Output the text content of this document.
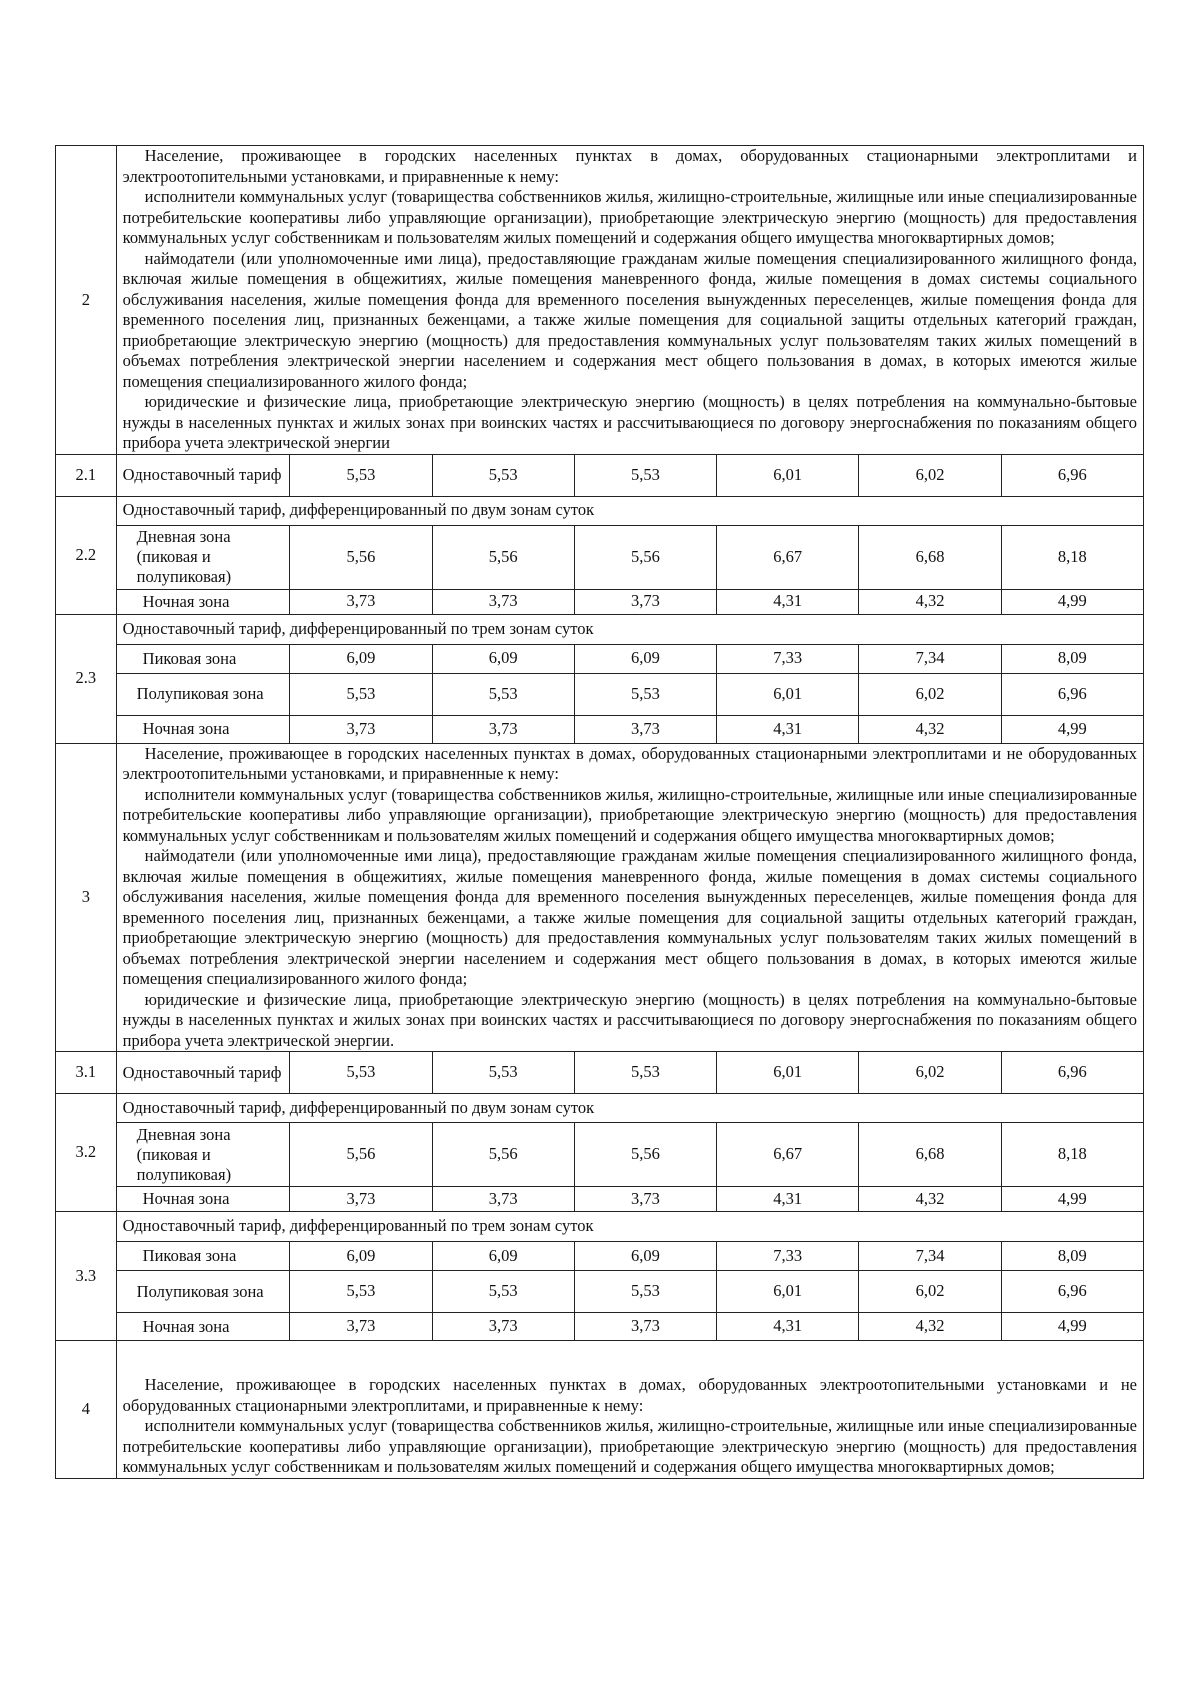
2	Население, проживающее в городских населенных пунктах в домах, оборудованных стационарными электроплитами и электроотопительными установками, и приравненные к нему:

исполнители коммунальных услуг (товарищества собственников жилья, жилищно-строительные, жилищные или иные специализированные потребительские кооперативы либо управляющие организации), приобретающие электрическую энергию (мощность) для предоставления коммунальных услуг собственникам и пользователям жилых помещений и содержания общего имущества многоквартирных домов;

наймодатели (или уполномоченные ими лица), предоставляющие гражданам жилые помещения специализированного жилищного фонда, включая жилые помещения в общежитиях, жилые помещения маневренного фонда, жилые помещения в домах системы социального обслуживания населения, жилые помещения фонда для временного поселения вынужденных переселенцев, жилые помещения фонда для временного поселения лиц, признанных беженцами, а также жилые помещения для социальной защиты отдельных категорий граждан, приобретающие электрическую энергию (мощность) для предоставления коммунальных услуг пользователям таких жилых помещений в объемах потребления электрической энергии населением и содержания мест общего пользования в домах, в которых имеются жилые помещения специализированного жилого фонда;

юридические и физические лица, приобретающие электрическую энергию (мощность) в целях потребления на коммунально-бытовые нужды в населенных пунктах и жилых зонах при воинских частях и рассчитывающиеся по договору энергоснабжения по показаниям общего прибора учета электрической энергии						

2.1	Одноставочный тариф	5,53	5,53	5,53	6,01	6,02	6,96
2.2	Одноставочный тариф, дифференцированный по двум зонам суток						
	Дневная зона (пиковая и полупиковая)	5,56	5,56	5,56	6,67	6,68	8,18
	Ночная зона	3,73	3,73	3,73	4,31	4,32	4,99
2.3	Одноставочный тариф, дифференцированный по трем зонам суток						
	Пиковая зона	6,09	6,09	6,09	7,33	7,34	8,09
	Полупиковая зона	5,53	5,53	5,53	6,01	6,02	6,96
	Ночная зона	3,73	3,73	3,73	4,31	4,32	4,99
3	Население, проживающее в городских населенных пунктах в домах, оборудованных стационарными электроплитами и не оборудованных электроотопительными установками, и приравненные к нему:

исполнители коммунальных услуг (товарищества собственников жилья, жилищно-строительные, жилищные или иные специализированные потребительские кооперативы либо управляющие организации), приобретающие электрическую энергию (мощность) для предоставления коммунальных услуг собственникам и пользователям жилых помещений и содержания общего имущества многоквартирных домов;

наймодатели (или уполномоченные ими лица), предоставляющие гражданам жилые помещения специализированного жилищного фонда, включая жилые помещения в общежитиях, жилые помещения маневренного фонда, жилые помещения в домах системы социального обслуживания населения, жилые помещения фонда для временного поселения вынужденных переселенцев, жилые помещения фонда для временного поселения лиц, признанных беженцами, а также жилые помещения для социальной защиты отдельных категорий граждан, приобретающие электрическую энергию (мощность) для предоставления коммунальных услуг пользователям таких жилых помещений в объемах потребления электрической энергии населением и содержания мест общего пользования в домах, в которых имеются жилые помещения специализированного жилого фонда;

юридические и физические лица, приобретающие электрическую энергию (мощность) в целях потребления на коммунально-бытовые нужды в населенных пунктах и жилых зонах при воинских частях и рассчитывающиеся по договору энергоснабжения по показаниям общего прибора учета электрической энергии.						

3.1	Одноставочный тариф	5,53	5,53	5,53	6,01	6,02	6,96
3.2	Одноставочный тариф, дифференцированный по двум зонам суток						
	Дневная зона (пиковая и полупиковая)	5,56	5,56	5,56	6,67	6,68	8,18
	Ночная зона	3,73	3,73	3,73	4,31	4,32	4,99
3.3	Одноставочный тариф, дифференцированный по трем зонам суток						
	Пиковая зона	6,09	6,09	6,09	7,33	7,34	8,09
	Полупиковая зона	5,53	5,53	5,53	6,01	6,02	6,96
	Ночная зона	3,73	3,73	3,73	4,31	4,32	4,99
4	Население, проживающее в городских населенных пунктах в домах, оборудованных электроотопительными установками и не оборудованных стационарными электроплитами, и приравненные к нему:

исполнители коммунальных услуг (товарищества собственников жилья, жилищно-строительные, жилищные или иные специализированные потребительские кооперативы либо управляющие организации), приобретающие электрическую энергию (мощность) для предоставления коммунальных услуг собственникам и пользователям жилых помещений и содержания общего имущества многоквартирных домов;						
